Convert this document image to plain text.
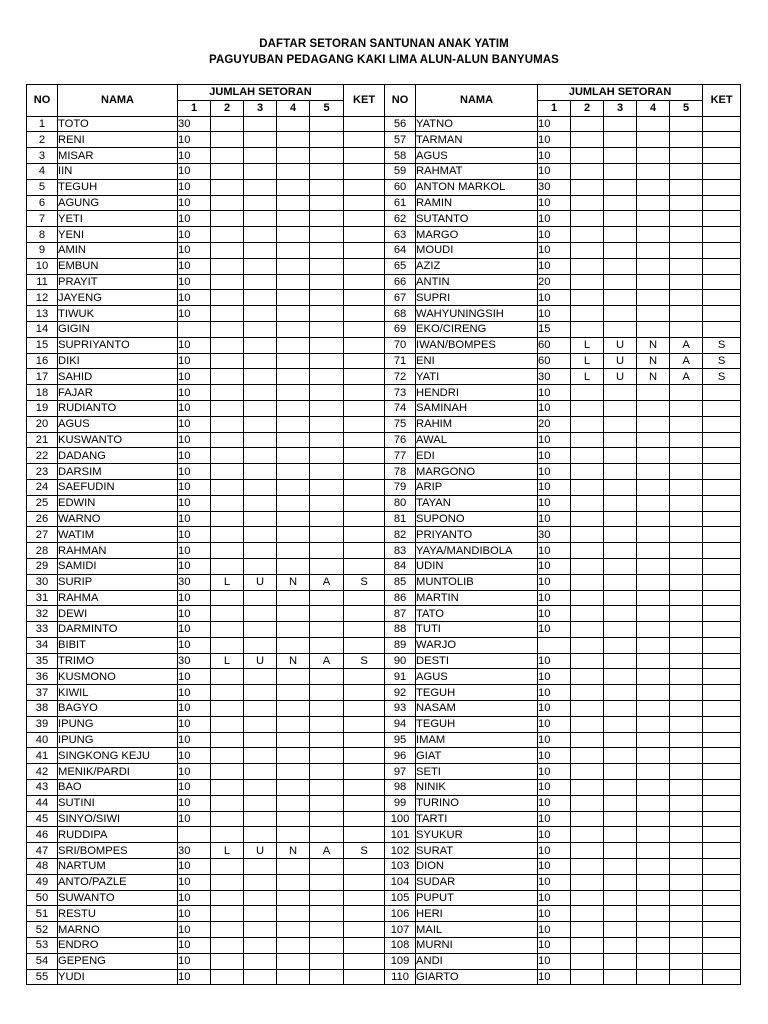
DAFTAR SETORAN SANTUNAN ANAK YATIM
PAGUYUBAN PEDAGANG KAKI LIMA ALUN-ALUN BANYUMAS
NO	NAMA	JUMLAH SETORAN					KET	NO	NAMA	JUMLAH SETORAN					KET
		1	2	3	4	5				1	2	3	4	5	
1	TOTO	30						56	YATNO	10					
2	RENI	10						57	TARMAN	10					
3	MISAR	10						58	AGUS	10					
4	IIN	10						59	RAHMAT	10					
5	TEGUH	10						60	ANTON MARKOL	30					
6	AGUNG	10						61	RAMIN	10					
7	YETI	10						62	SUTANTO	10					
8	YENI	10						63	MARGO	10					
9	AMIN	10						64	MOUDI	10					
10	EMBUN	10						65	AZIZ	10					
11	PRAYIT	10						66	ANTIN	20					
12	JAYENG	10						67	SUPRI	10					
13	TIWUK	10						68	WAHYUNINGSIH	10					
14	GIGIN							69	EKO/CIRENG	15					
15	SUPRIYANTO	10						70	IWAN/BOMPES	60	L	U	N	A	S
16	DIKI	10						71	ENI	60	L	U	N	A	S
17	SAHID	10						72	YATI	30	L	U	N	A	S
18	FAJAR	10						73	HENDRI	10					
19	RUDIANTO	10						74	SAMINAH	10					
20	AGUS	10						75	RAHIM	20					
21	KUSWANTO	10						76	AWAL	10					
22	DADANG	10						77	EDI	10					
23	DARSIM	10						78	MARGONO	10					
24	SAEFUDIN	10						79	ARIP	10					
25	EDWIN	10						80	TAYAN	10					
26	WARNO	10						81	SUPONO	10					
27	WATIM	10						82	PRIYANTO	30					
28	RAHMAN	10						83	YAYA/MANDIBOLA	10					
29	SAMIDI	10						84	UDIN	10					
30	SURIP	30	L	U	N	A	S	85	MUNTOLIB	10					
31	RAHMA	10						86	MARTIN	10					
32	DEWI	10						87	TATO	10					
33	DARMINTO	10						88	TUTI	10					
34	BIBIT	10						89	WARJO						
35	TRIMO	30	L	U	N	A	S	90	DESTI	10					
36	KUSMONO	10						91	AGUS	10					
37	KIWIL	10						92	TEGUH	10					
38	BAGYO	10						93	NASAM	10					
39	IPUNG	10						94	TEGUH	10					
40	IPUNG	10						95	IMAM	10					
41	SINGKONG KEJU	10						96	GIAT	10					
42	MENIK/PARDI	10						97	SETI	10					
43	BAO	10						98	NINIK	10					
44	SUTINI	10						99	TURINO	10					
45	SINYO/SIWI	10						100	TARTI	10					
46	RUDDIPA							101	SYUKUR	10					
47	SRI/BOMPES	30	L	U	N	A	S	102	SURAT	10					
48	NARTUM	10						103	DION	10					
49	ANTO/PAZLE	10						104	SUDAR	10					
50	SUWANTO	10						105	PUPUT	10					
51	RESTU	10						106	HERI	10					
52	MARNO	10						107	MAIL	10					
53	ENDRO	10						108	MURNI	10					
54	GEPENG	10						109	ANDI	10					
55	YUDI	10						110	GIARTO	10					
